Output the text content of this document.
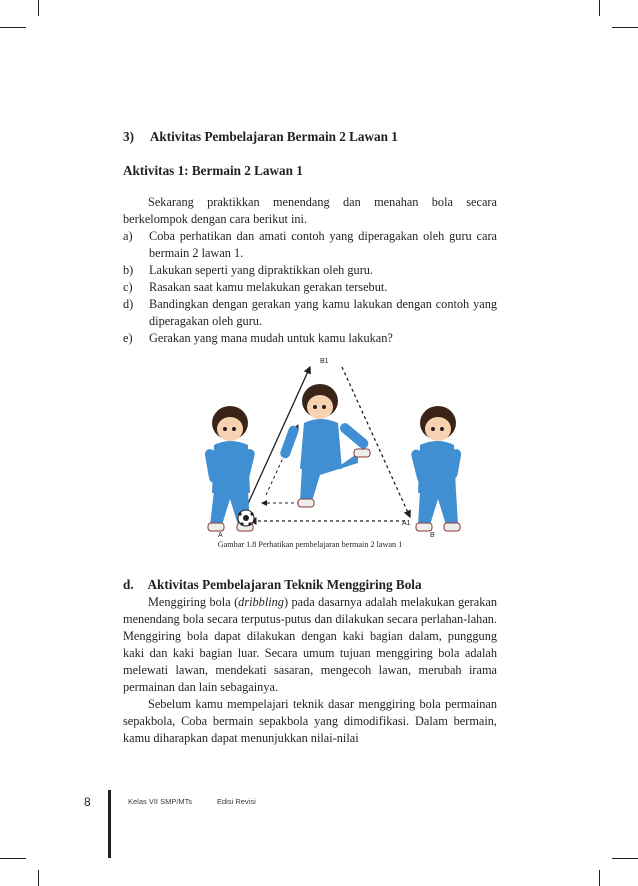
3) Aktivitas Pembelajaran Bermain 2 Lawan 1
Aktivitas 1: Bermain 2 Lawan 1
Sekarang praktikkan menendang dan menahan bola secara berkelompok dengan cara berikut ini.
a) Coba perhatikan dan amati contoh yang diperagakan oleh guru cara bermain 2 lawan 1.
b) Lakukan seperti yang dipraktikkan oleh guru.
c) Rasakan saat kamu melakukan gerakan tersebut.
d) Bandingkan dengan gerakan yang kamu lakukan dengan contoh yang diperagakan oleh guru.
e) Gerakan yang mana mudah untuk kamu lakukan?
B1
A
A1
B
Gambar 1.8 Perhatikan pembelajaran bermain 2 lawan 1
d. Aktivitas Pembelajaran Teknik Menggiring Bola
Menggiring bola (dribbling) pada dasarnya adalah melakukan gerakan menendang bola secara terputus-putus dan dilakukan secara perlahan-lahan. Menggiring bola dapat dilakukan dengan kaki bagian dalam, punggung kaki dan kaki bagian luar. Secara umum tujuan menggiring bola adalah melewati lawan, mendekati sasaran, mengecoh lawan, merubah irama permainan dan lain sebagainya.
Sebelum kamu mempelajari teknik dasar menggiring bola permainan sepakbola, Coba bermain sepakbola yang dimodifikasi. Dalam bermain, kamu diharapkan dapat menunjukkan nilai-nilai
8	Kelas VII SMP/MTs	Edisi Revisi
